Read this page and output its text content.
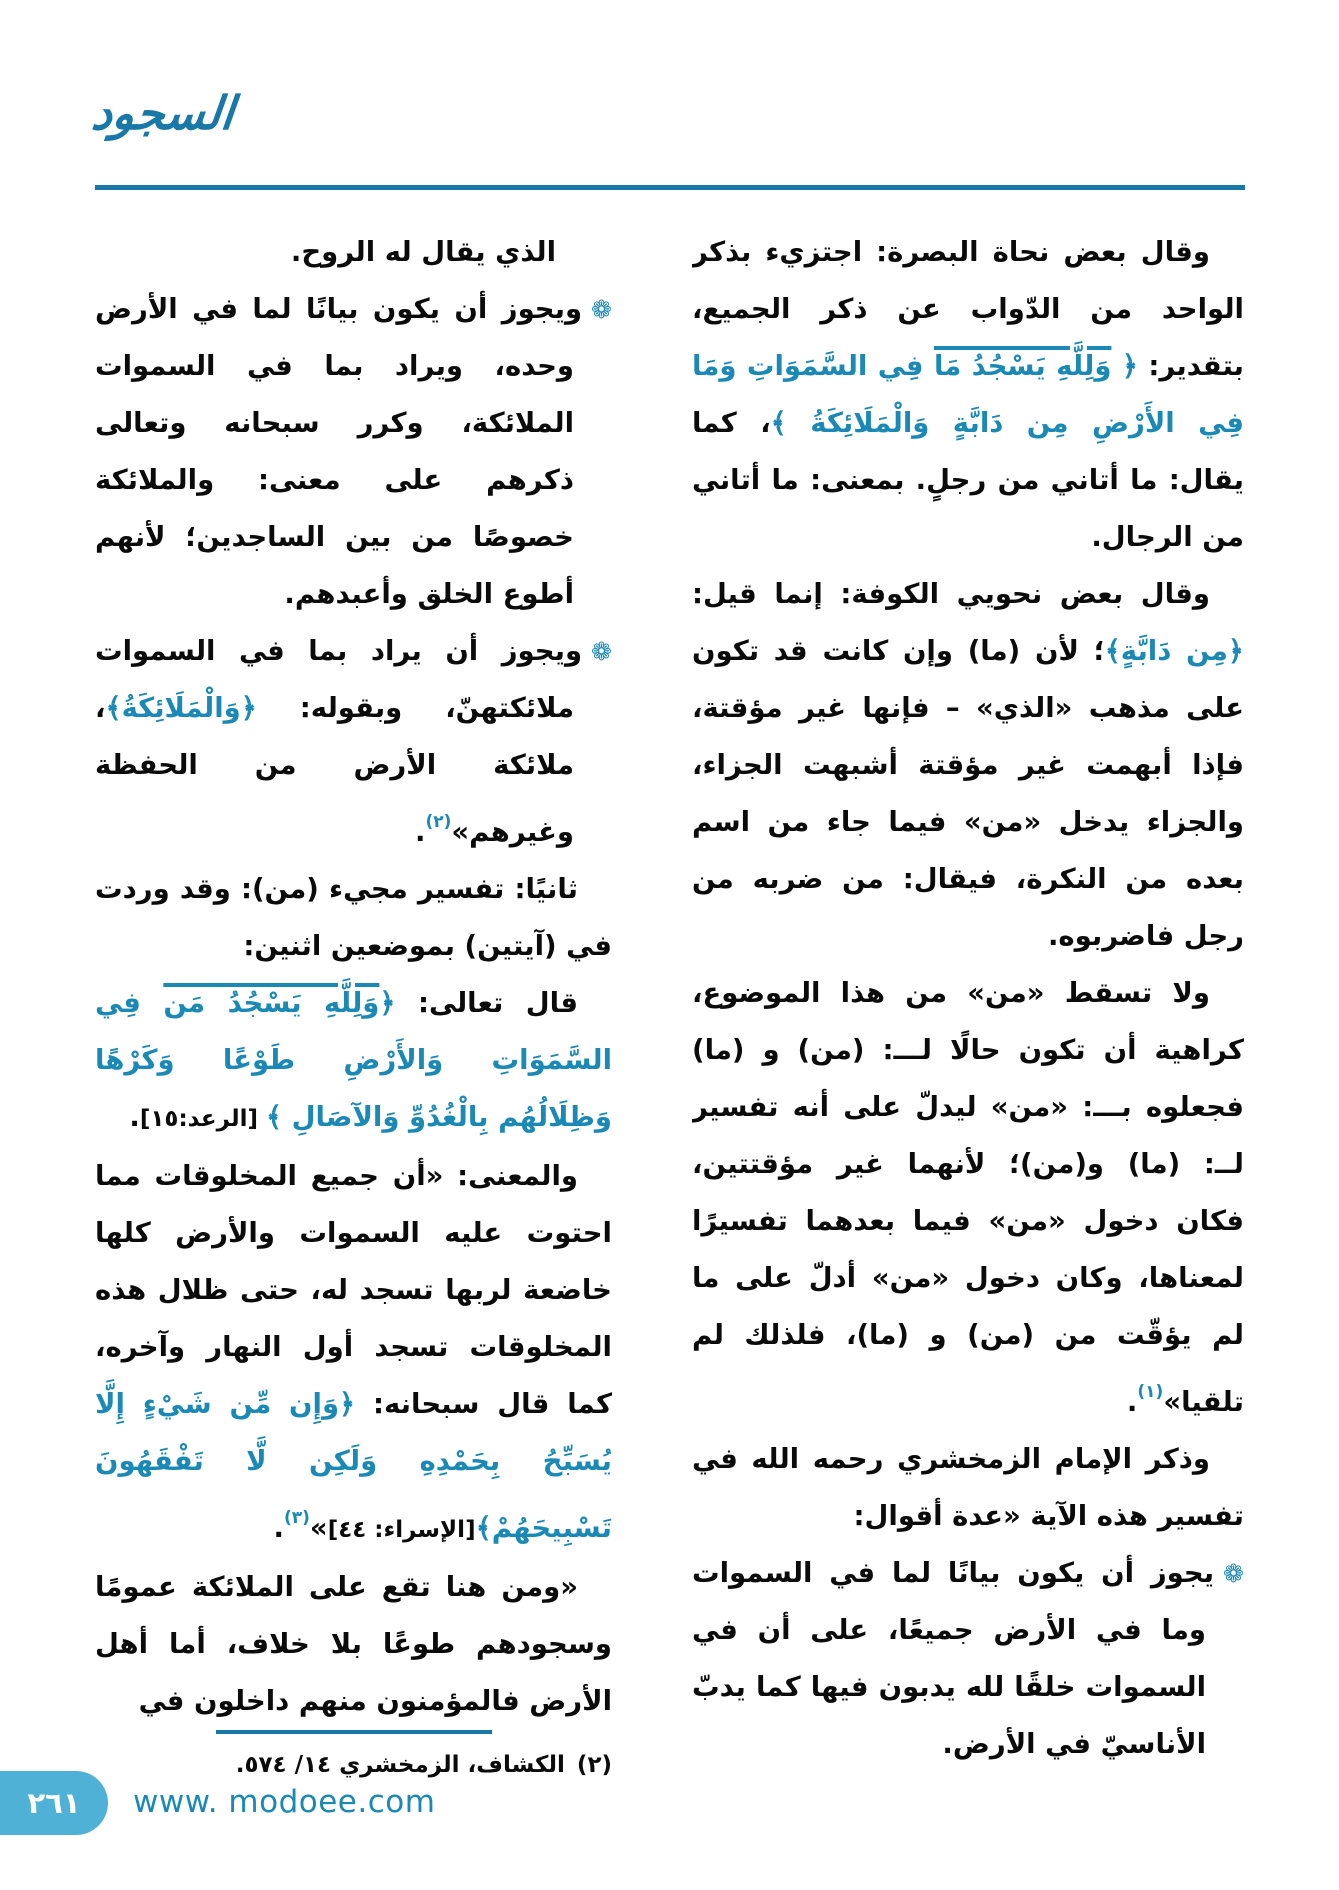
السجود

وقال بعض نحاة البصرة: اجتزيء بذكر الواحد من الدّواب عن ذكر الجميع، بتقدير: ﴿ وَلِلَّهِ يَسْجُدُ مَا فِي السَّمَوَاتِ وَمَا فِي الأَرْضِ مِن دَابَّةٍ وَالْمَلَائِكَةُ ﴾، كما يقال: ما أتاني من رجلٍ. بمعنى: ما أتاني من الرجال.

وقال بعض نحويي الكوفة: إنما قيل: ﴿مِن دَابَّةٍ﴾؛ لأن (ما) وإن كانت قد تكون على مذهب «الذي» – فإنها غير مؤقتة، فإذا أبهمت غير مؤقتة أشبهت الجزاء، والجزاء يدخل «من» فيما جاء من اسم بعده من النكرة، فيقال: من ضربه من رجل فاضربوه.

ولا تسقط «من» من هذا الموضوع، كراهية أن تكون حالًا لـــ: (من) و (ما) فجعلوه بـــ: «من» ليدلّ على أنه تفسير لــ: (ما) و(من)؛ لأنهما غير مؤقتتين، فكان دخول «من» فيما بعدهما تفسيرًا لمعناها، وكان دخول «من» أدلّ على ما لم يؤقّت من (من) و (ما)، فلذلك لم تلقيا»$^{(١)}$.

وذكر الإمام الزمخشري رحمه الله في تفسير هذه الآية «عدة أقوال:

❁يجوز أن يكون بيانًا لما في السموات وما في الأرض جميعًا، على أن في السموات خلقًا لله يدبون فيها كما يدبّ الأناسيّ في الأرض.

الذي يقال له الروح.

❁ويجوز أن يكون بيانًا لما في الأرض وحده، ويراد بما في السموات الملائكة، وكرر سبحانه وتعالى ذكرهم على معنى: والملائكة خصوصًا من بين الساجدين؛ لأنهم أطوع الخلق وأعبدهم.

❁ويجوز أن يراد بما في السموات ملائكتهنّ، وبقوله: ﴿وَالْمَلَائِكَةُ﴾، ملائكة الأرض من الحفظة وغيرهم»$^{(٢)}$.

ثانيًا: تفسير مجيء (من): وقد وردت في (آيتين) بموضعين اثنين:

قال تعالى: ﴿وَلِلَّهِ يَسْجُدُ مَن فِي السَّمَوَاتِ وَالأَرْضِ طَوْعًا وَكَرْهًا وَظِلَالُهُم بِالْغُدُوِّ وَالآصَالِ ﴾ [الرعد:١٥].

والمعنى: «أن جميع المخلوقات مما احتوت عليه السموات والأرض كلها خاضعة لربها تسجد له، حتى ظلال هذه المخلوقات تسجد أول النهار وآخره، كما قال سبحانه: ﴿وَإِن مِّن شَيْءٍ إِلَّا يُسَبِّحُ بِحَمْدِهِ وَلَكِن لَّا تَفْقَهُونَ تَسْبِيحَهُمْ﴾[الإسراء: ٤٤]»$^{(٣)}$.

«ومن هنا تقع على الملائكة عمومًا وسجودهم طوعًا بلا خلاف، أما أهل الأرض فالمؤمنون منهم داخلون في

(٢)الكشاف، الزمخشري ١٤/ ٥٧٤.
٢٦١	www. modoee.com
